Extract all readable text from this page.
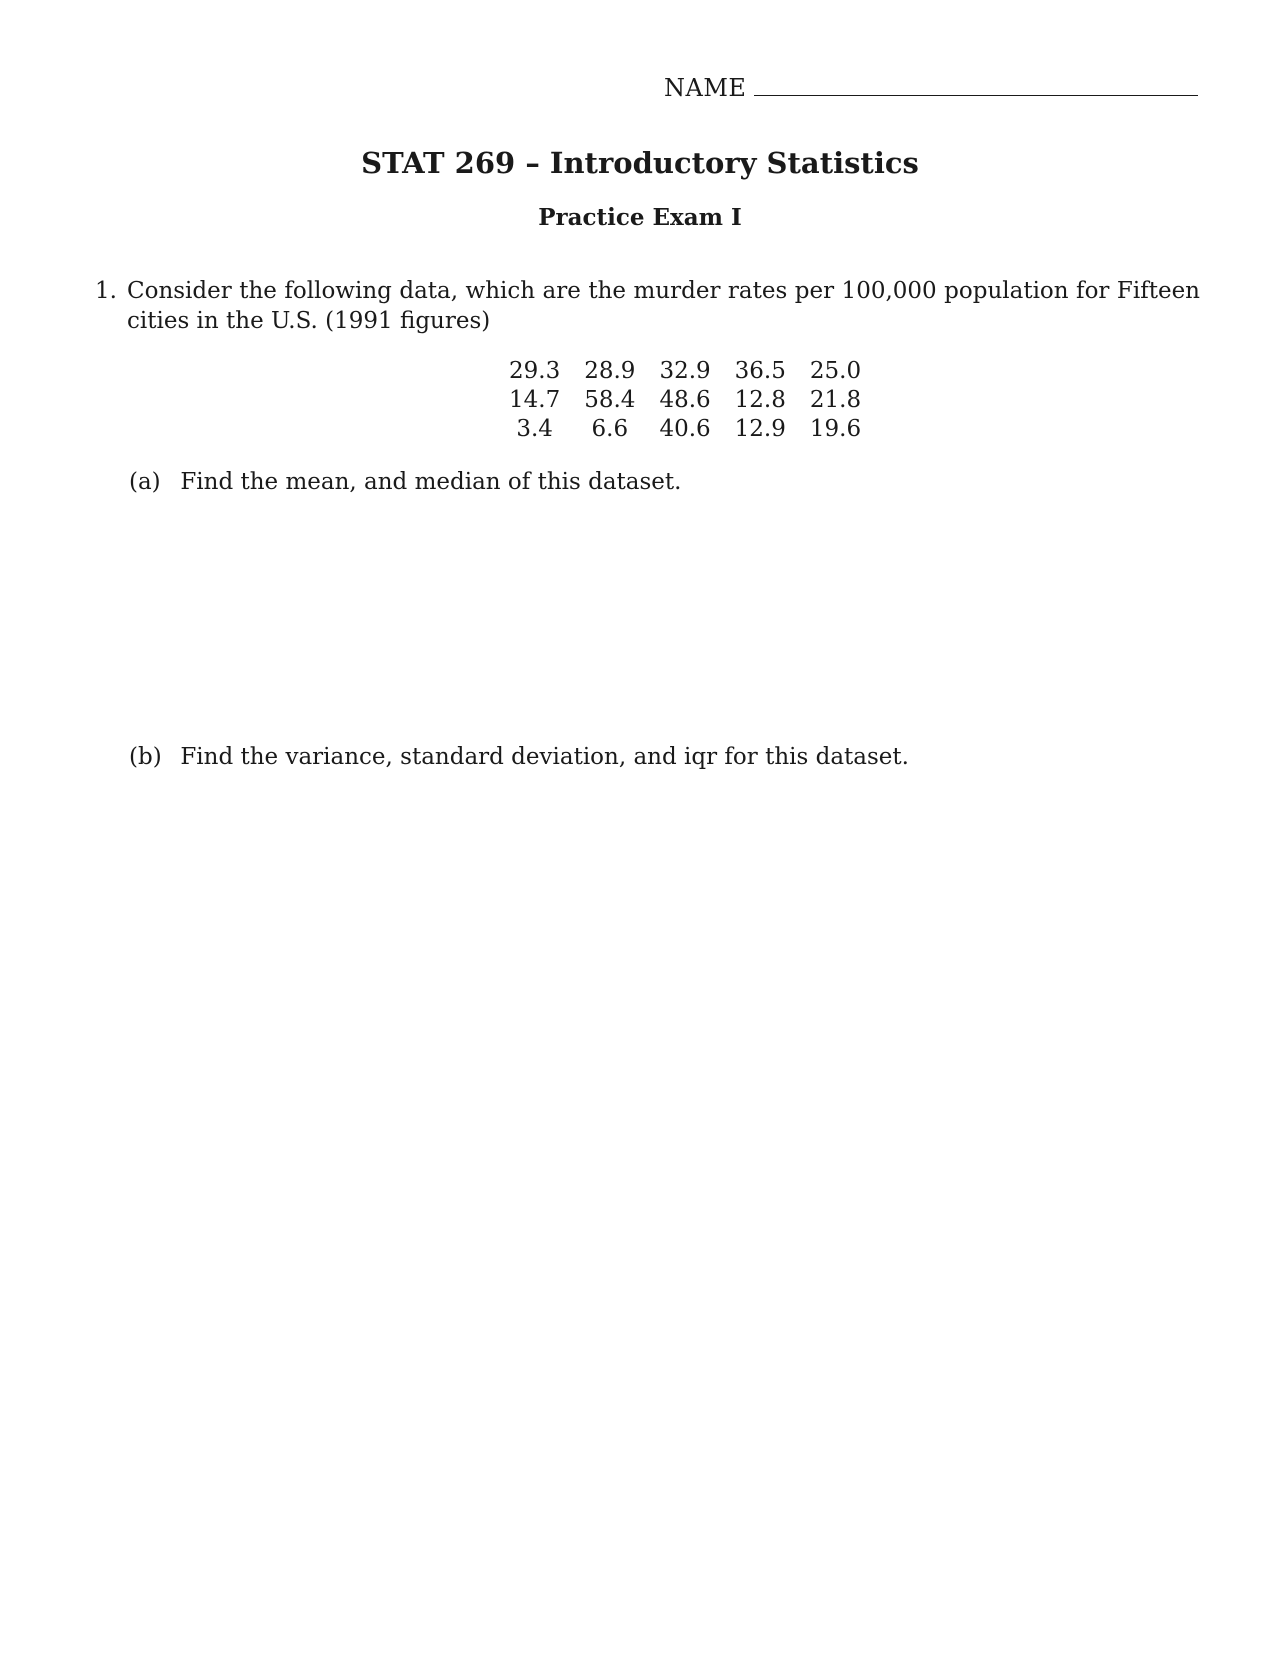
NAME
STAT 269 – Introductory Statistics
Practice Exam I
1. Consider the following data, which are the murder rates per 100,000 population for Fifteen cities in the U.S. (1991 figures)
29.3	28.9	32.9	36.5	25.0
14.7	58.4	48.6	12.8	21.8
3.4	6.6	40.6	12.9	19.6
(a) Find the mean, and median of this dataset.
(b) Find the variance, standard deviation, and iqr for this dataset.
